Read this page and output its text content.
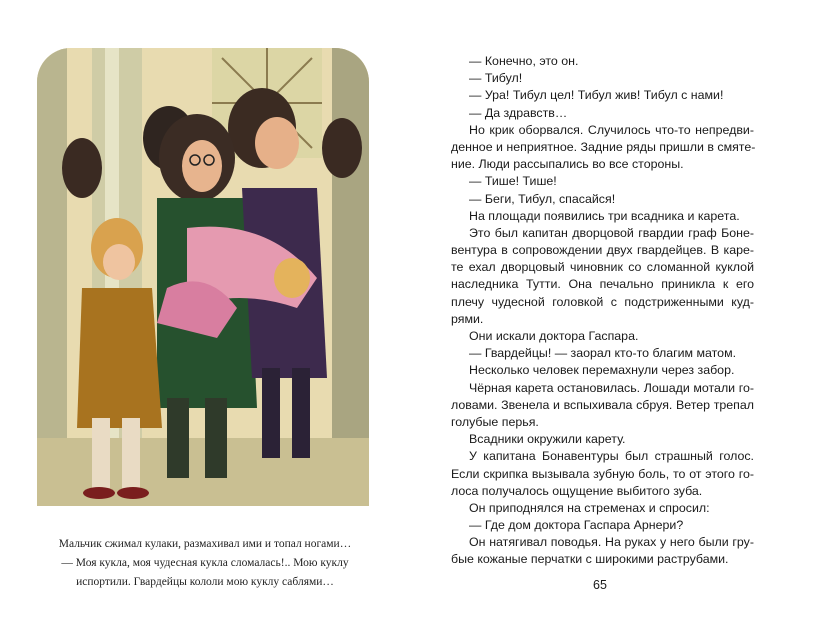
Мальчик сжимал кулаки, размахивал ими и топал ногами…
— Моя кукла, моя чудесная кукла сломалась!.. Мою куклу
испортили. Гвардейцы кололи мою куклу саблями…
— Конечно, это он.
— Тибул!
— Ура! Тибул цел! Тибул жив! Тибул с нами!
— Да здравств…
Но крик оборвался. Случилось что-то непредви-
денное и неприятное. Задние ряды пришли в смяте-
ние. Люди рассыпались во все стороны.
— Тише! Тише!
— Беги, Тибул, спасайся!
На площади появились три всадника и карета.
Это был капитан дворцовой гвардии граф Боне-
вентура в сопровождении двух гвардейцев. В каре-
те ехал дворцовый чиновник со сломанной куклой
наследника Тутти. Она печально приникла к его
плечу чудесной головкой с подстриженными куд-
рями.
Они искали доктора Гаспара.
— Гвардейцы! — заорал кто-то благим матом.
Несколько человек перемахнули через забор.
Чёрная карета остановилась. Лошади мотали го-
ловами. Звенела и вспыхивала сбруя. Ветер трепал
голубые перья.
Всадники окружили карету.
У капитана Бонавентуры был страшный голос.
Если скрипка вызывала зубную боль, то от этого го-
лоса получалось ощущение выбитого зуба.
Он приподнялся на стременах и спросил:
— Где дом доктора Гаспара Арнери?
Он натягивал поводья. На руках у него были гру-
бые кожаные перчатки с широкими раструбами.
65
